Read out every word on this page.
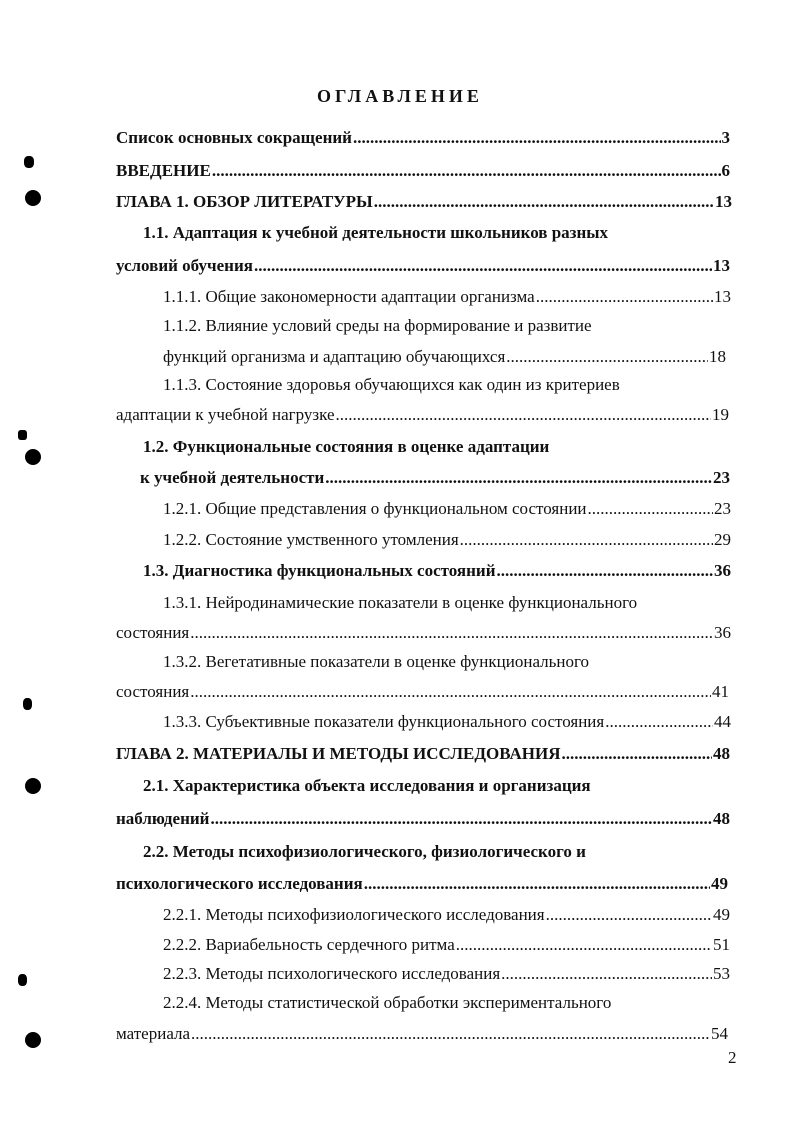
ОГЛАВЛЕНИЕ
Список основных сокращений .....	3
ВВЕДЕНИЕ .....	6
ГЛАВА 1. ОБЗОР ЛИТЕРАТУРЫ .....	13
1.1. Адаптация к учебной деятельности школьников разных
условий обучения .....	13
1.1.1. Общие закономерности адаптации организма .....	13
1.1.2. Влияние условий среды на формирование и развитие
функций организма и адаптацию обучающихся .....	18
1.1.3. Состояние здоровья обучающихся как один из критериев
адаптации к учебной нагрузке .....	19
1.2. Функциональные состояния в оценке адаптации
к учебной деятельности .....	23
1.2.1. Общие представления о функциональном состоянии .....	23
1.2.2. Состояние умственного утомления .....	29
1.3. Диагностика функциональных состояний .....	36
1.3.1. Нейродинамические показатели в оценке функционального
состояния .....	36
1.3.2. Вегетативные показатели в оценке функционального
состояния .....	41
1.3.3. Субъективные показатели функционального состояния .....	44
ГЛАВА 2. МАТЕРИАЛЫ И МЕТОДЫ ИССЛЕДОВАНИЯ .....	48
2.1. Характеристика объекта исследования и организация
наблюдений .....	48
2.2. Методы психофизиологического, физиологического и
психологического исследования .....	49
2.2.1. Методы психофизиологического исследования .....	49
2.2.2. Вариабельность сердечного ритма .....	51
2.2.3. Методы психологического исследования .....	53
2.2.4. Методы статистической обработки экспериментального
материала .....	54
2
